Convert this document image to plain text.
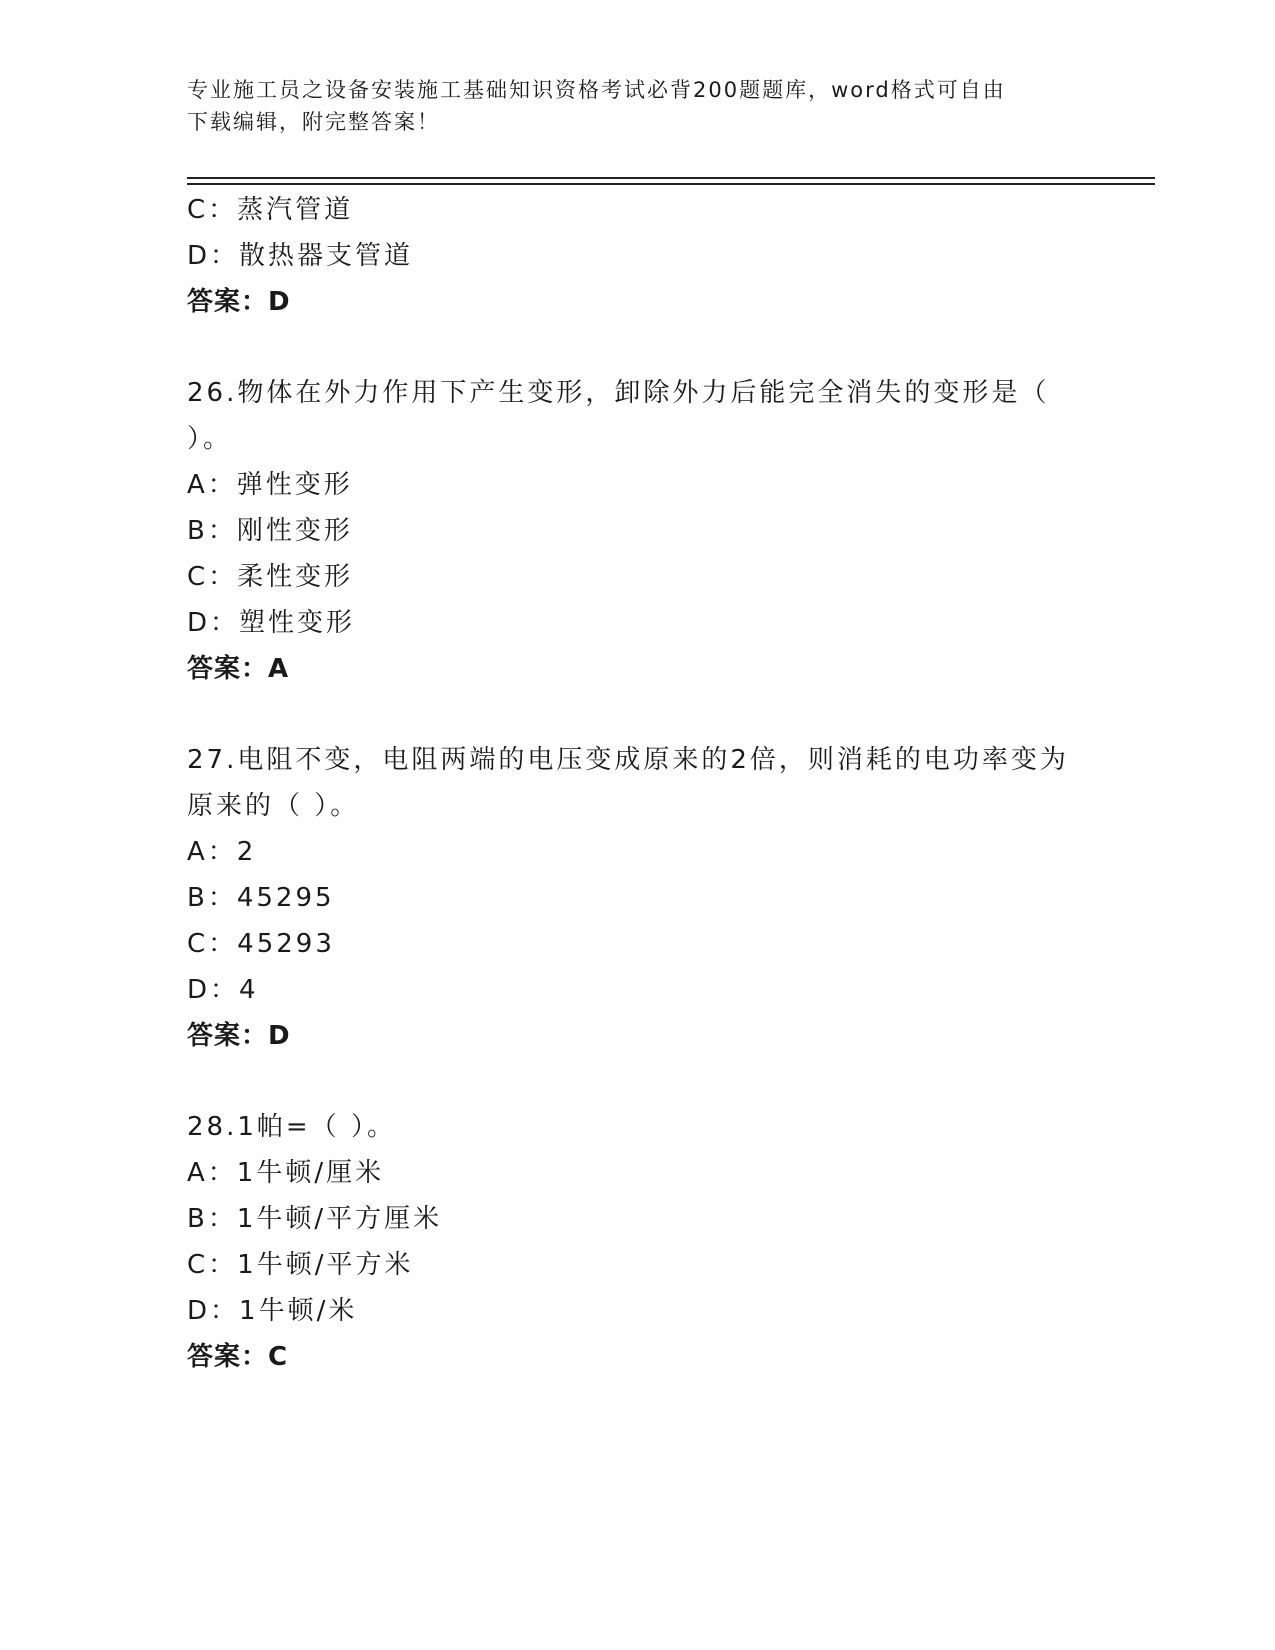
专业施工员之设备安装施工基础知识资格考试必背200题题库，word格式可自由
下载编辑，附完整答案！
C：蒸汽管道
D：散热器支管道
答案：D
26.物体在外力作用下产生变形，卸除外力后能完全消失的变形是（
）。
A：弹性变形
B：刚性变形
C：柔性变形
D：塑性变形
答案：A
27.电阻不变，电阻两端的电压变成原来的2倍，则消耗的电功率变为
原来的（ ）。
A：2
B：45295
C：45293
D：4
答案：D
28.1帕=（ ）。
A：1牛顿/厘米
B：1牛顿/平方厘米
C：1牛顿/平方米
D：1牛顿/米
答案：C
